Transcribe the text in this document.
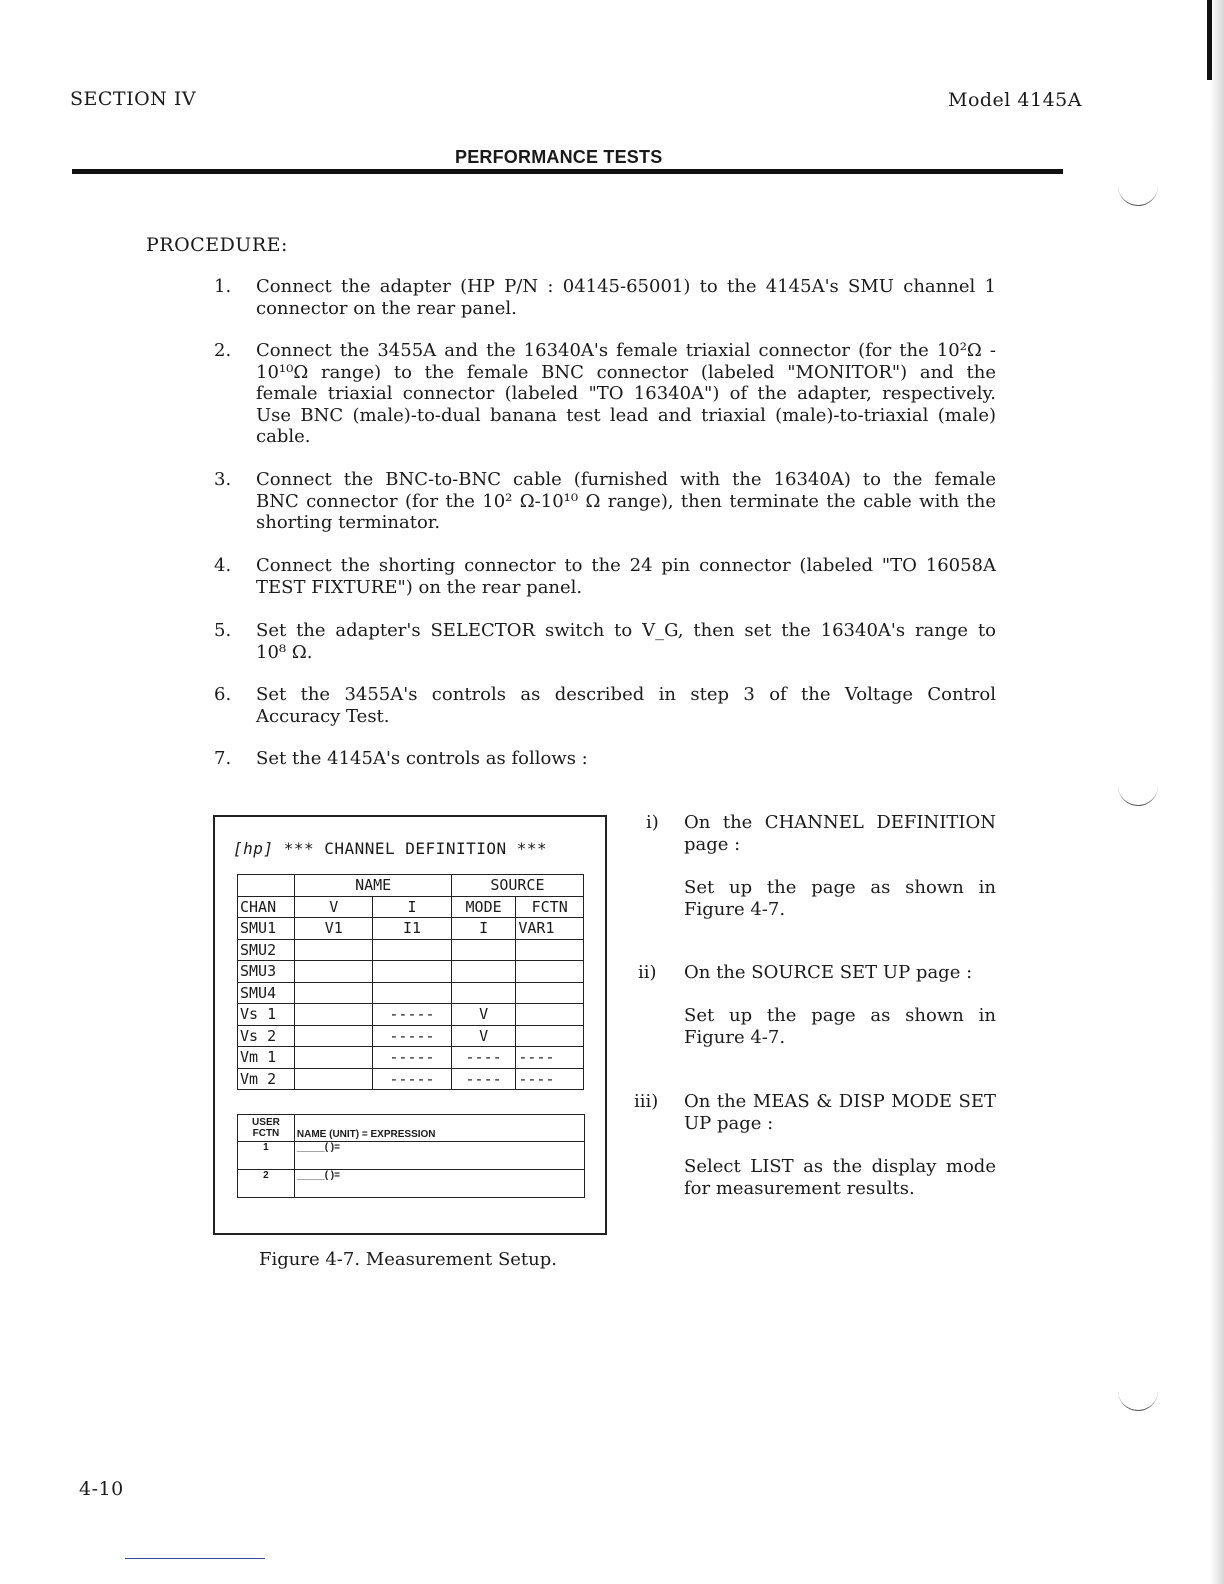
SECTION IV	Model 4145A
PERFORMANCE TESTS
PROCEDURE:
1.	Connect the adapter (HP P/N : 04145-65001) to the 4145A's SMU channel 1
connector on the rear panel.
2.	Connect the 3455A and the 16340A's female triaxial connector (for the 10²Ω -
10¹⁰Ω range) to the female BNC connector (labeled "MONITOR") and the
female triaxial connector (labeled "TO 16340A") of the adapter, respectively.
Use BNC (male)-to-dual banana test lead and triaxial (male)-to-triaxial (male)
cable.
3.	Connect the BNC-to-BNC cable (furnished with the 16340A) to the female
BNC connector (for the 10² Ω-10¹⁰ Ω range), then terminate the cable with the
shorting terminator.
4.	Connect the shorting connector to the 24 pin connector (labeled "TO 16058A
TEST FIXTURE") on the rear panel.
5.	Set the adapter's SELECTOR switch to V_G, then set the 16340A's range to
10⁸ Ω.
6.	Set the 3455A's controls as described in step 3 of the Voltage Control
Accuracy Test.
7.	Set the 4145A's controls as follows :
[hp] *** CHANNEL DEFINITION ***
	NAME		SOURCE	
CHAN	V	I	MODE	FCTN
SMU1	V1	I1	I	VAR1
SMU2				
SMU3				
SMU4				
Vs 1		-----	V	
Vs 2		-----	V	
Vm 1		-----	----	----
Vm 2		-----	----	----
USER
FCTN	NAME (UNIT) = EXPRESSION
1	_____( )=
2	_____( )=
Figure 4-7. Measurement Setup.
i) On the CHANNEL DEFINITION
page :
Set up the page as shown in
Figure 4-7.
ii) On the SOURCE SET UP page :
Set up the page as shown in
Figure 4-7.
iii) On the MEAS & DISP MODE SET
UP page :
Select LIST as the display mode
for measurement results.
4-10
